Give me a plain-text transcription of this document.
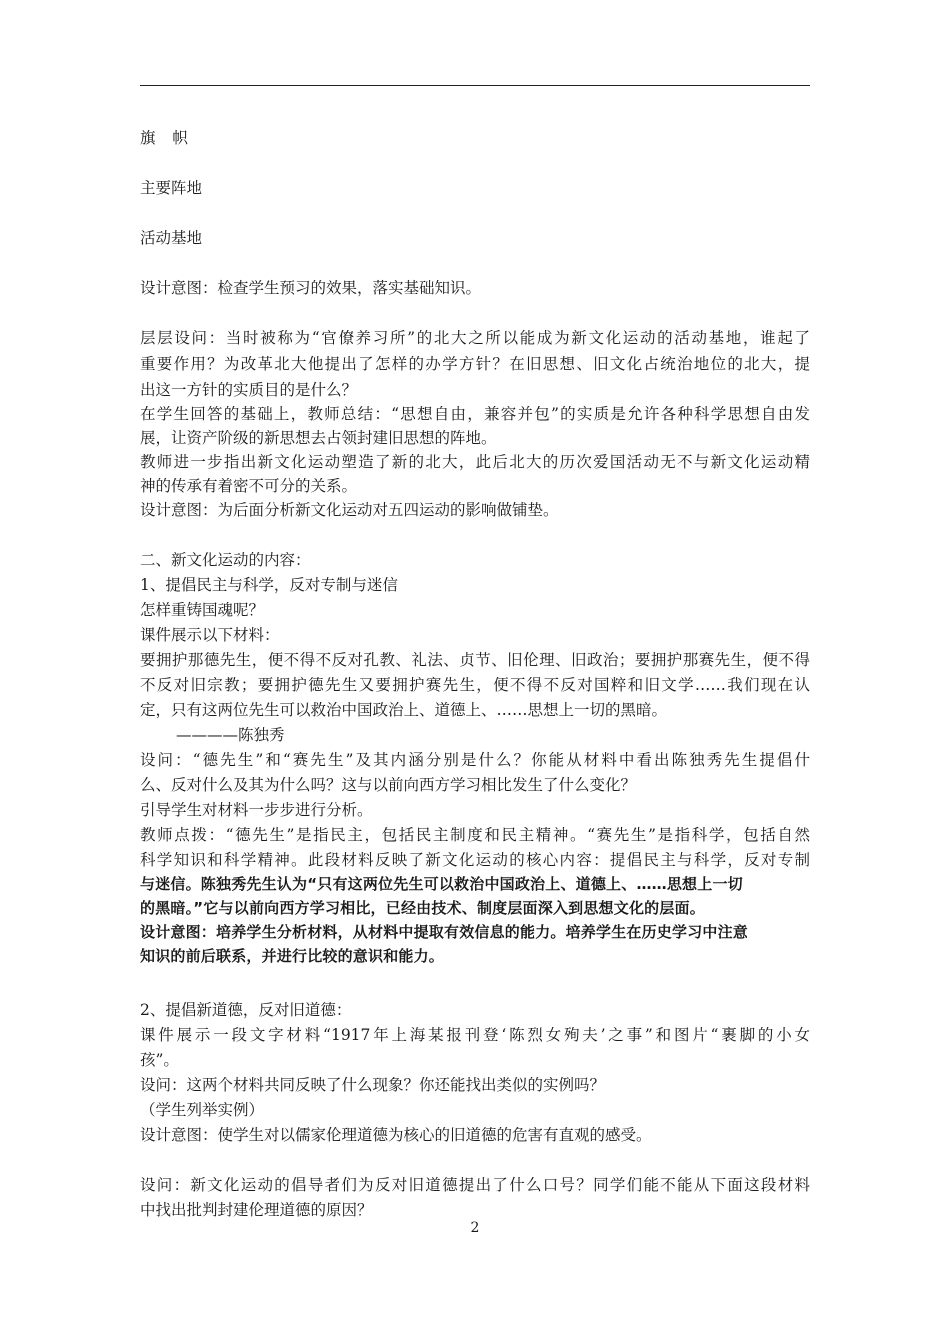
旗 帜
主要阵地
活动基地
设计意图：检查学生预习的效果，落实基础知识。
层层设问：当时被称为“官僚养习所”的北大之所以能成为新文化运动的活动基地，谁起了
重要作用？为改革北大他提出了怎样的办学方针？在旧思想、旧文化占统治地位的北大，提
出这一方针的实质目的是什么？
在学生回答的基础上，教师总结：“思想自由，兼容并包”的实质是允许各种科学思想自由发
展，让资产阶级的新思想去占领封建旧思想的阵地。
教师进一步指出新文化运动塑造了新的北大，此后北大的历次爱国活动无不与新文化运动精
神的传承有着密不可分的关系。
设计意图：为后面分析新文化运动对五四运动的影响做铺垫。
二、新文化运动的内容：
1、提倡民主与科学，反对专制与迷信
怎样重铸国魂呢？
课件展示以下材料：
要拥护那德先生，便不得不反对孔教、礼法、贞节、旧伦理、旧政治；要拥护那赛先生，便不得
不反对旧宗教；要拥护德先生又要拥护赛先生，便不得不反对国粹和旧文学……我们现在认
定，只有这两位先生可以救治中国政治上、道德上、……思想上一切的黑暗。
————陈独秀
设问：“德先生”和“赛先生”及其内涵分别是什么？你能从材料中看出陈独秀先生提倡什
么、反对什么及其为什么吗？这与以前向西方学习相比发生了什么变化？
引导学生对材料一步步进行分析。
教师点拨：“德先生”是指民主，包括民主制度和民主精神。“赛先生”是指科学，包括自然
科学知识和科学精神。此段材料反映了新文化运动的核心内容：提倡民主与科学，反对专制
与迷信。陈独秀先生认为“只有这两位先生可以救治中国政治上、道德上、……思想上一切
的黑暗。”它与以前向西方学习相比，已经由技术、制度层面深入到思想文化的层面。
设计意图：培养学生分析材料，从材料中提取有效信息的能力。培养学生在历史学习中注意
知识的前后联系，并进行比较的意识和能力。
2、提倡新道德，反对旧道德：
课件展示一段文字材料“1917年上海某报刊登‘陈烈女殉夫’之事”和图片“裹脚的小女
孩”。
设问：这两个材料共同反映了什么现象？你还能找出类似的实例吗？
（学生列举实例）
设计意图：使学生对以儒家伦理道德为核心的旧道德的危害有直观的感受。
设问：新文化运动的倡导者们为反对旧道德提出了什么口号？同学们能不能从下面这段材料
中找出批判封建伦理道德的原因？
2
